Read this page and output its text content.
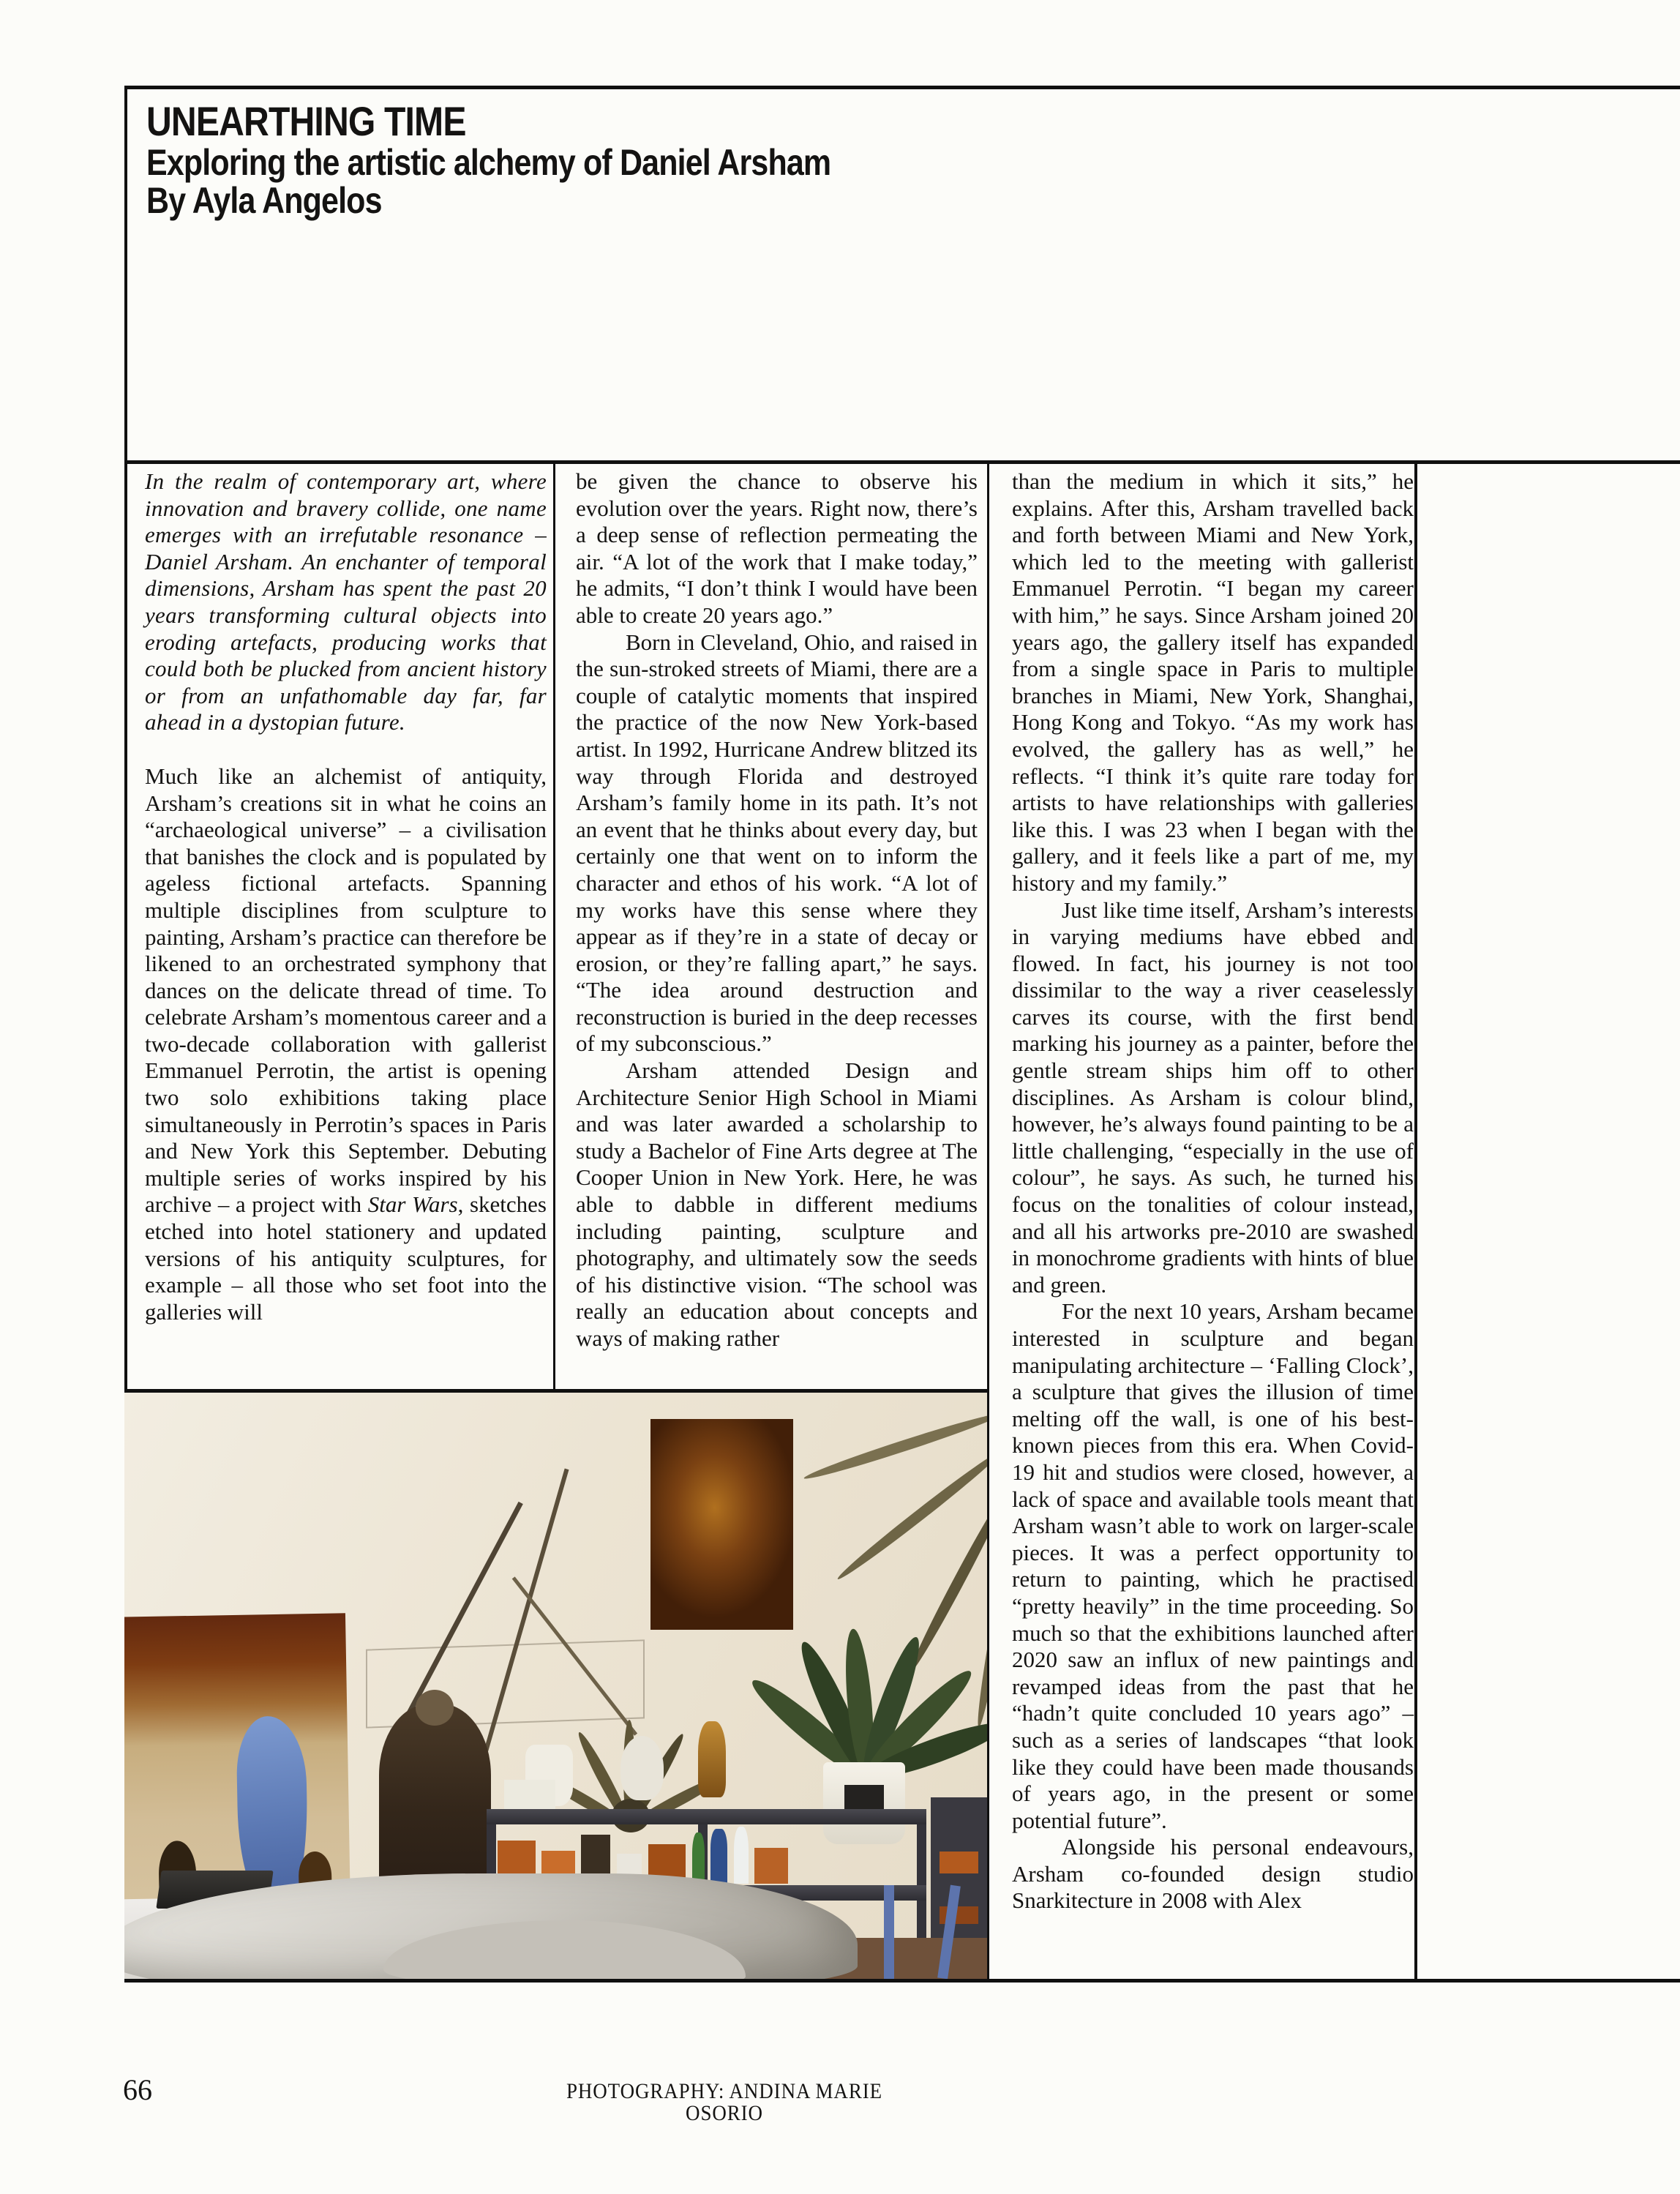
UNEARTHING TIME
Exploring the artistic alchemy of Daniel Arsham
By Ayla Angelos

In the realm of contemporary art, where innovation and bravery collide, one name emerges with an irrefutable resonance – Daniel Arsham. An enchanter of temporal dimensions, Arsham has spent the past 20 years transforming cultural objects into eroding artefacts, producing works that could both be plucked from ancient history or from an unfathomable day far, far ahead in a dystopian future.

Much like an alchemist of antiquity, Arsham’s creations sit in what he coins an “archaeological universe” – a civilisation that banishes the clock and is populated by ageless fictional artefacts. Spanning multiple disciplines from sculpture to painting, Arsham’s practice can therefore be likened to an orchestrated symphony that dances on the delicate thread of time. To celebrate Arsham’s momentous career and a two-decade collaboration with gallerist Emmanuel Perrotin, the artist is opening two solo exhibitions taking place simultaneously in Perrotin’s spaces in Paris and New York this September. Debuting multiple series of works inspired by his archive – a project with Star Wars, sketches etched into hotel stationery and updated versions of his antiquity sculptures, for example – all those who set foot into the galleries will

be given the chance to observe his evolution over the years. Right now, there’s a deep sense of reflection permeating the air. “A lot of the work that I make today,” he admits, “I don’t think I would have been able to create 20 years ago.”

Born in Cleveland, Ohio, and raised in the sun-stroked streets of Miami, there are a couple of catalytic moments that inspired the practice of the now New York-based artist. In 1992, Hurricane Andrew blitzed its way through Florida and destroyed Arsham’s family home in its path. It’s not an event that he thinks about every day, but certainly one that went on to inform the character and ethos of his work. “A lot of my works have this sense where they appear as if they’re in a state of decay or erosion, or they’re falling apart,” he says. “The idea around destruction and reconstruction is buried in the deep recesses of my subconscious.”

Arsham attended Design and Architecture Senior High School in Miami and was later awarded a scholarship to study a Bachelor of Fine Arts degree at The Cooper Union in New York. Here, he was able to dabble in different mediums including painting, sculpture and photography, and ultimately sow the seeds of his distinctive vision. “The school was really an education about concepts and ways of making rather

than the medium in which it sits,” he explains. After this, Arsham travelled back and forth between Miami and New York, which led to the meeting with gallerist Emmanuel Perrotin. “I began my career with him,” he says. Since Arsham joined 20 years ago, the gallery itself has expanded from a single space in Paris to multiple branches in Miami, New York, Shanghai, Hong Kong and Tokyo. “As my work has evolved, the gallery has as well,” he reflects. “I think it’s quite rare today for artists to have relationships with galleries like this. I was 23 when I began with the gallery, and it feels like a part of me, my history and my family.”

Just like time itself, Arsham’s interests in varying mediums have ebbed and flowed. In fact, his journey is not too dissimilar to the way a river ceaselessly carves its course, with the first bend marking his journey as a painter, before the gentle stream ships him off to other disciplines. As Arsham is colour blind, however, he’s always found painting to be a little challenging, “especially in the use of colour”, he says. As such, he turned his focus on the tonalities of colour instead, and all his artworks pre-2010 are swashed in monochrome gradients with hints of blue and green.

For the next 10 years, Arsham became interested in sculpture and began manipulating architecture – ‘Falling Clock’, a sculpture that gives the illusion of time melting off the wall, is one of his best-known pieces from this era. When Covid-19 hit and studios were closed, however, a lack of space and available tools meant that Arsham wasn’t able to work on larger-scale pieces. It was a perfect opportunity to return to painting, which he practised “pretty heavily” in the time proceeding. So much so that the exhibitions launched after 2020 saw an influx of new paintings and revamped ideas from the past that he “hadn’t quite concluded 10 years ago” – such as a series of landscapes “that look like they could have been made thousands of years ago, in the present or some potential future”.

Alongside his personal endeavours, Arsham co-founded design studio Snarkitecture in 2008 with Alex

66	PHOTOGRAPHY: ANDINA MARIE OSORIO
